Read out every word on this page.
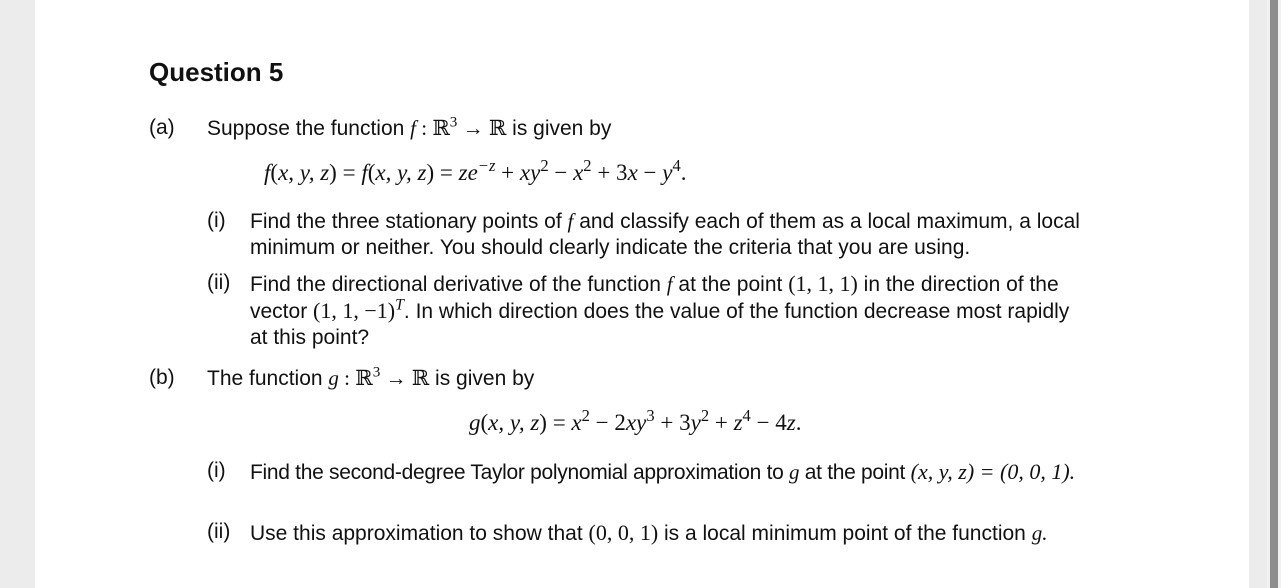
Question 5
(a) Suppose the function f : ℝ$^3$ → ℝ is given by
f(x, y, z) = f(x, y, $z) = ze^{-z} + xy^2 - x^2 + 3x - y^4$.
(i) Find the three stationary points of f and classify each of them as a local maximum, a local
minimum or neither. You should clearly indicate the criteria that you are using.
(ii) Find the directional derivative of the function f at the point (1, 1, 1) in the direction of the
vector (1, 1, −1)$^T$. In which direction does the value of the function decrease most rapidly
at this point?
(b) The function g : ℝ$^3$ → ℝ is given by
g(x, y, $z) = x^2 - 2xy^3 + 3y^2 + z^4 - 4z$.
(i) Find the second-degree Taylor polynomial approximation to g at the point (x, y, z) = (0, 0, 1).
(ii) Use this approximation to show that (0, 0, 1) is a local minimum point of the function g.
